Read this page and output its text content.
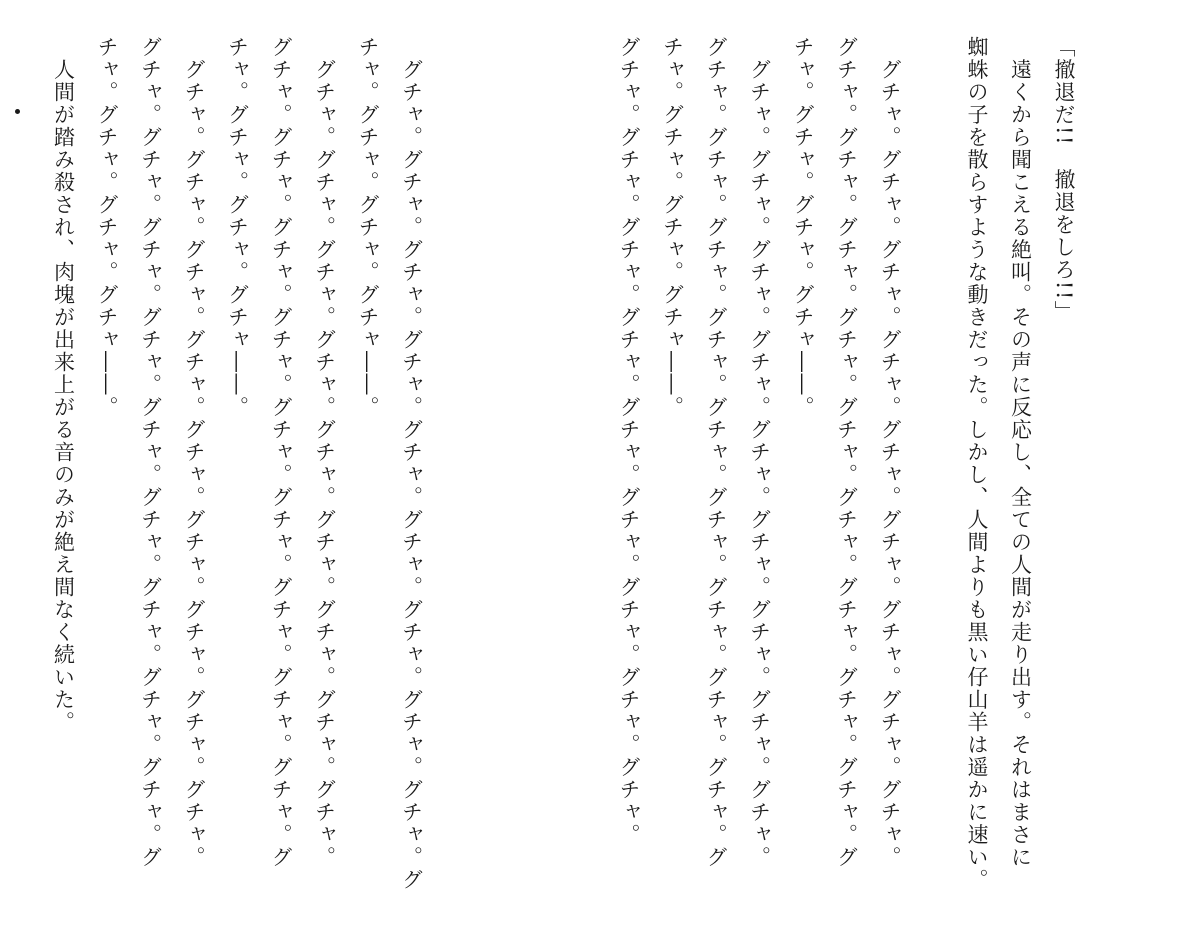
「撤退だ!!　撤退をしろ!!」
　遠くから聞こえる絶叫。その声に反応し、全ての人間が走り出す。それはまさに
蜘蛛の子を散らすような動きだった。しかし、人間よりも黒い仔山羊は遥かに速い。
　グチャ。グチャ。グチャ。グチャ。グチャ。グチャ。グチャ。グチャ。グチャ。
グチャ。グチャ。グチャ。グチャ。グチャ。グチャ。グチャ。グチャ。グチャ。グ
チャ。グチャ。グチャ。グチャ――。
　グチャ。グチャ。グチャ。グチャ。グチャ。グチャ。グチャ。グチャ。グチャ。
グチャ。グチャ。グチャ。グチャ。グチャ。グチャ。グチャ。グチャ。グチャ。グ
チャ。グチャ。グチャ。グチャ――。
グチャ。グチャ。グチャ。グチャ。グチャ。グチャ。グチャ。グチャ。グチャ。
　グチャ。グチャ。グチャ。グチャ。グチャ。グチャ。グチャ。グチャ。グチャ。グ
チャ。グチャ。グチャ。グチャ――。
　グチャ。グチャ。グチャ。グチャ。グチャ。グチャ。グチャ。グチャ。グチャ。
グチャ。グチャ。グチャ。グチャ。グチャ。グチャ。グチャ。グチャ。グチャ。グ
チャ。グチャ。グチャ。グチャ――。
　グチャ。グチャ。グチャ。グチャ。グチャ。グチャ。グチャ。グチャ。グチャ。
グチャ。グチャ。グチャ。グチャ。グチャ。グチャ。グチャ。グチャ。グチャ。グ
チャ。グチャ。グチャ。グチャ――。
　人間が踏み殺され、肉塊が出来上がる音のみが絶え間なく続いた。
